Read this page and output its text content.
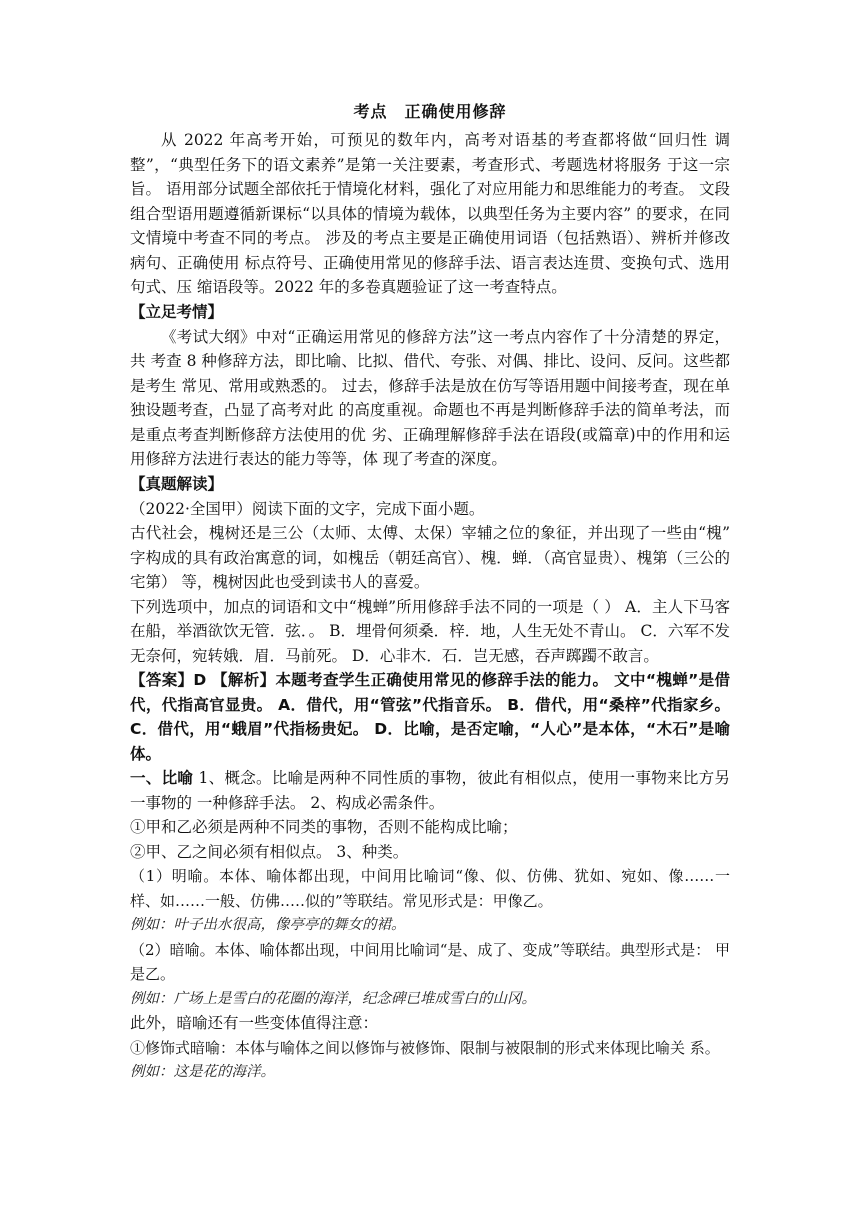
考点　正确使用修辞

从 2022 年高考开始，可预见的数年内，高考对语基的考查都将做“回归性 调整”，“典型任务下的语文素养”是第一关注要素，考查形式、考题选材将服务 于这一宗旨。 语用部分试题全部依托于情境化材料，强化了对应用能力和思维能力的考查。 文段组合型语用题遵循新课标“以具体的情境为载体，以典型任务为主要内容” 的要求，在同文情境中考查不同的考点。 涉及的考点主要是正确使用词语（包括熟语）、辨析并修改病句、正确使用 标点符号、正确使用常见的修辞手法、语言表达连贯、变换句式、选用句式、压 缩语段等。2022 年的多卷真题验证了这一考查特点。

【立足考情】

《考试大纲》中对“正确运用常见的修辞方法”这一考点内容作了十分清楚的界定，共 考查 8 种修辞方法，即比喻、比拟、借代、夸张、对偶、排比、设问、反问。这些都是考生 常见、常用或熟悉的。 过去，修辞手法是放在仿写等语用题中间接考查，现在单独设题考查，凸显了高考对此 的高度重视。命题也不再是判断修辞手法的简单考法，而是重点考查判断修辞方法使用的优 劣、正确理解修辞手法在语段(或篇章)中的作用和运用修辞方法进行表达的能力等等，体 现了考查的深度。

【真题解读】

（2022·全国甲）阅读下面的文字，完成下面小题。

古代社会，槐树还是三公（太师、太傅、太保）宰辅之位的象征，并出现了一些由“槐” 字构成的具有政治寓意的词，如槐岳（朝廷高官）、槐．蝉．（高官显贵）、槐第（三公的宅第） 等，槐树因此也受到读书人的喜爱。

下列选项中，加点的词语和文中“槐蝉”所用修辞手法不同的一项是（ ） A．主人下马客在船，举酒欲饮无管．弦．。 B．埋骨何须桑．梓．地，人生无处不青山。 C．六军不发无奈何，宛转娥．眉．马前死。 D．心非木．石．岂无感，吞声踯躅不敢言。

【答案】D 【解析】本题考查学生正确使用常见的修辞手法的能力。 文中“槐蝉”是借代，代指高官显贵。 A．借代，用“管弦”代指音乐。 B．借代，用“桑梓”代指家乡。 C．借代，用“蛾眉”代指杨贵妃。 D．比喻，是否定喻，“人心”是本体，“木石”是喻体。

一、比喻 1、概念。比喻是两种不同性质的事物，彼此有相似点，使用一事物来比方另一事物的 一种修辞手法。 2、构成必需条件。

①甲和乙必须是两种不同类的事物，否则不能构成比喻；

②甲、乙之间必须有相似点。 3、种类。

（1）明喻。本体、喻体都出现，中间用比喻词“像、似、仿佛、犹如、宛如、像……一样、如……一般、仿佛…‥似的”等联结。常见形式是：甲像乙。

例如：叶子出水很高，像亭亭的舞女的裙。

（2）暗喻。本体、喻体都出现，中间用比喻词“是、成了、变成”等联结。典型形式是： 甲是乙。

例如：广场上是雪白的花圈的海洋，纪念碑已堆成雪白的山冈。

此外，暗喻还有一些变体值得注意：

①修饰式暗喻：本体与喻体之间以修饰与被修饰、限制与被限制的形式来体现比喻关 系。

例如：这是花的海洋。
